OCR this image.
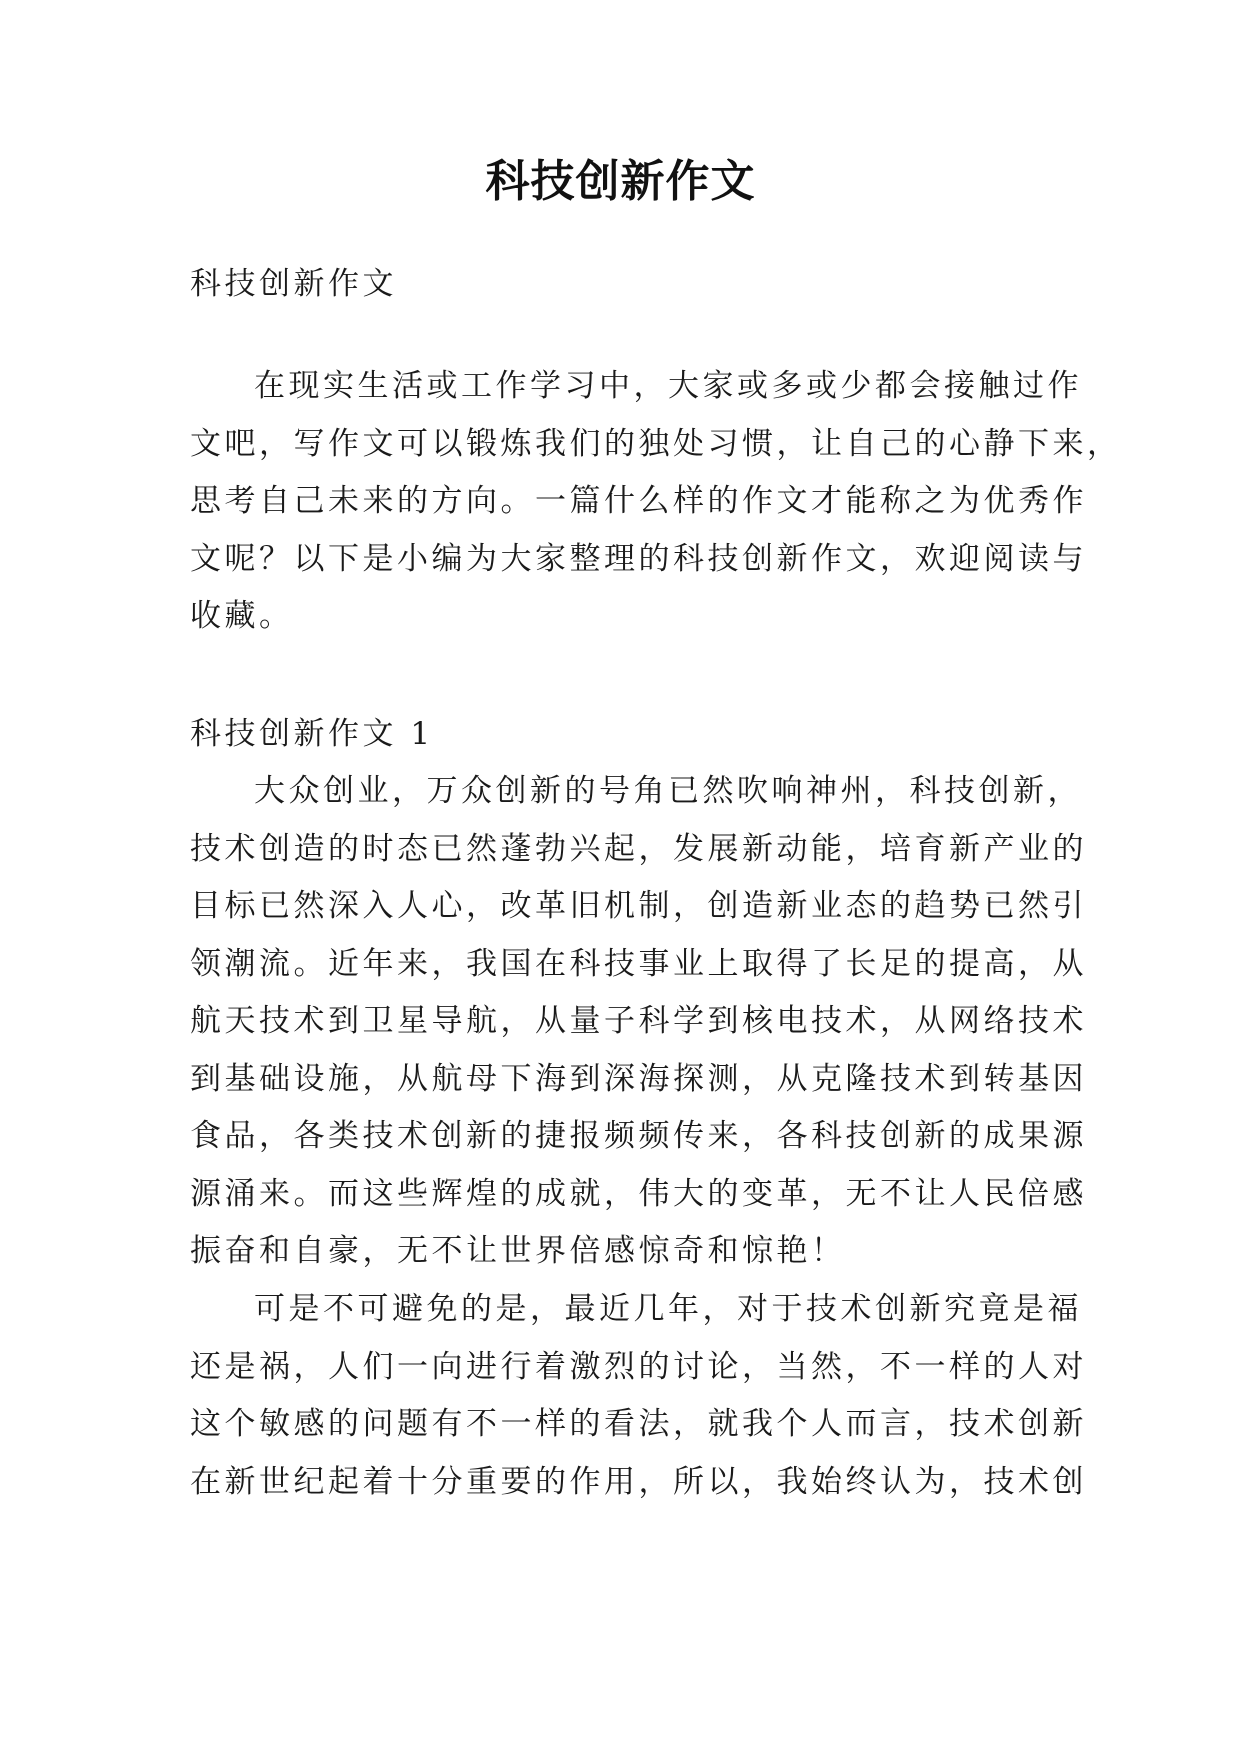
科技创新作文
科技创新作文
在现实生活或工作学习中，大家或多或少都会接触过作
文吧，写作文可以锻炼我们的独处习惯，让自己的心静下来，
思考自己未来的方向。一篇什么样的作文才能称之为优秀作
文呢？以下是小编为大家整理的科技创新作文，欢迎阅读与
收藏。
科技创新作文 1
大众创业，万众创新的号角已然吹响神州，科技创新，
技术创造的时态已然蓬勃兴起，发展新动能，培育新产业的
目标已然深入人心，改革旧机制，创造新业态的趋势已然引
领潮流。近年来，我国在科技事业上取得了长足的提高，从
航天技术到卫星导航，从量子科学到核电技术，从网络技术
到基础设施，从航母下海到深海探测，从克隆技术到转基因
食品，各类技术创新的捷报频频传来，各科技创新的成果源
源涌来。而这些辉煌的成就，伟大的变革，无不让人民倍感
振奋和自豪，无不让世界倍感惊奇和惊艳！
可是不可避免的是，最近几年，对于技术创新究竟是福
还是祸，人们一向进行着激烈的讨论，当然，不一样的人对
这个敏感的问题有不一样的看法，就我个人而言，技术创新
在新世纪起着十分重要的作用，所以，我始终认为，技术创
